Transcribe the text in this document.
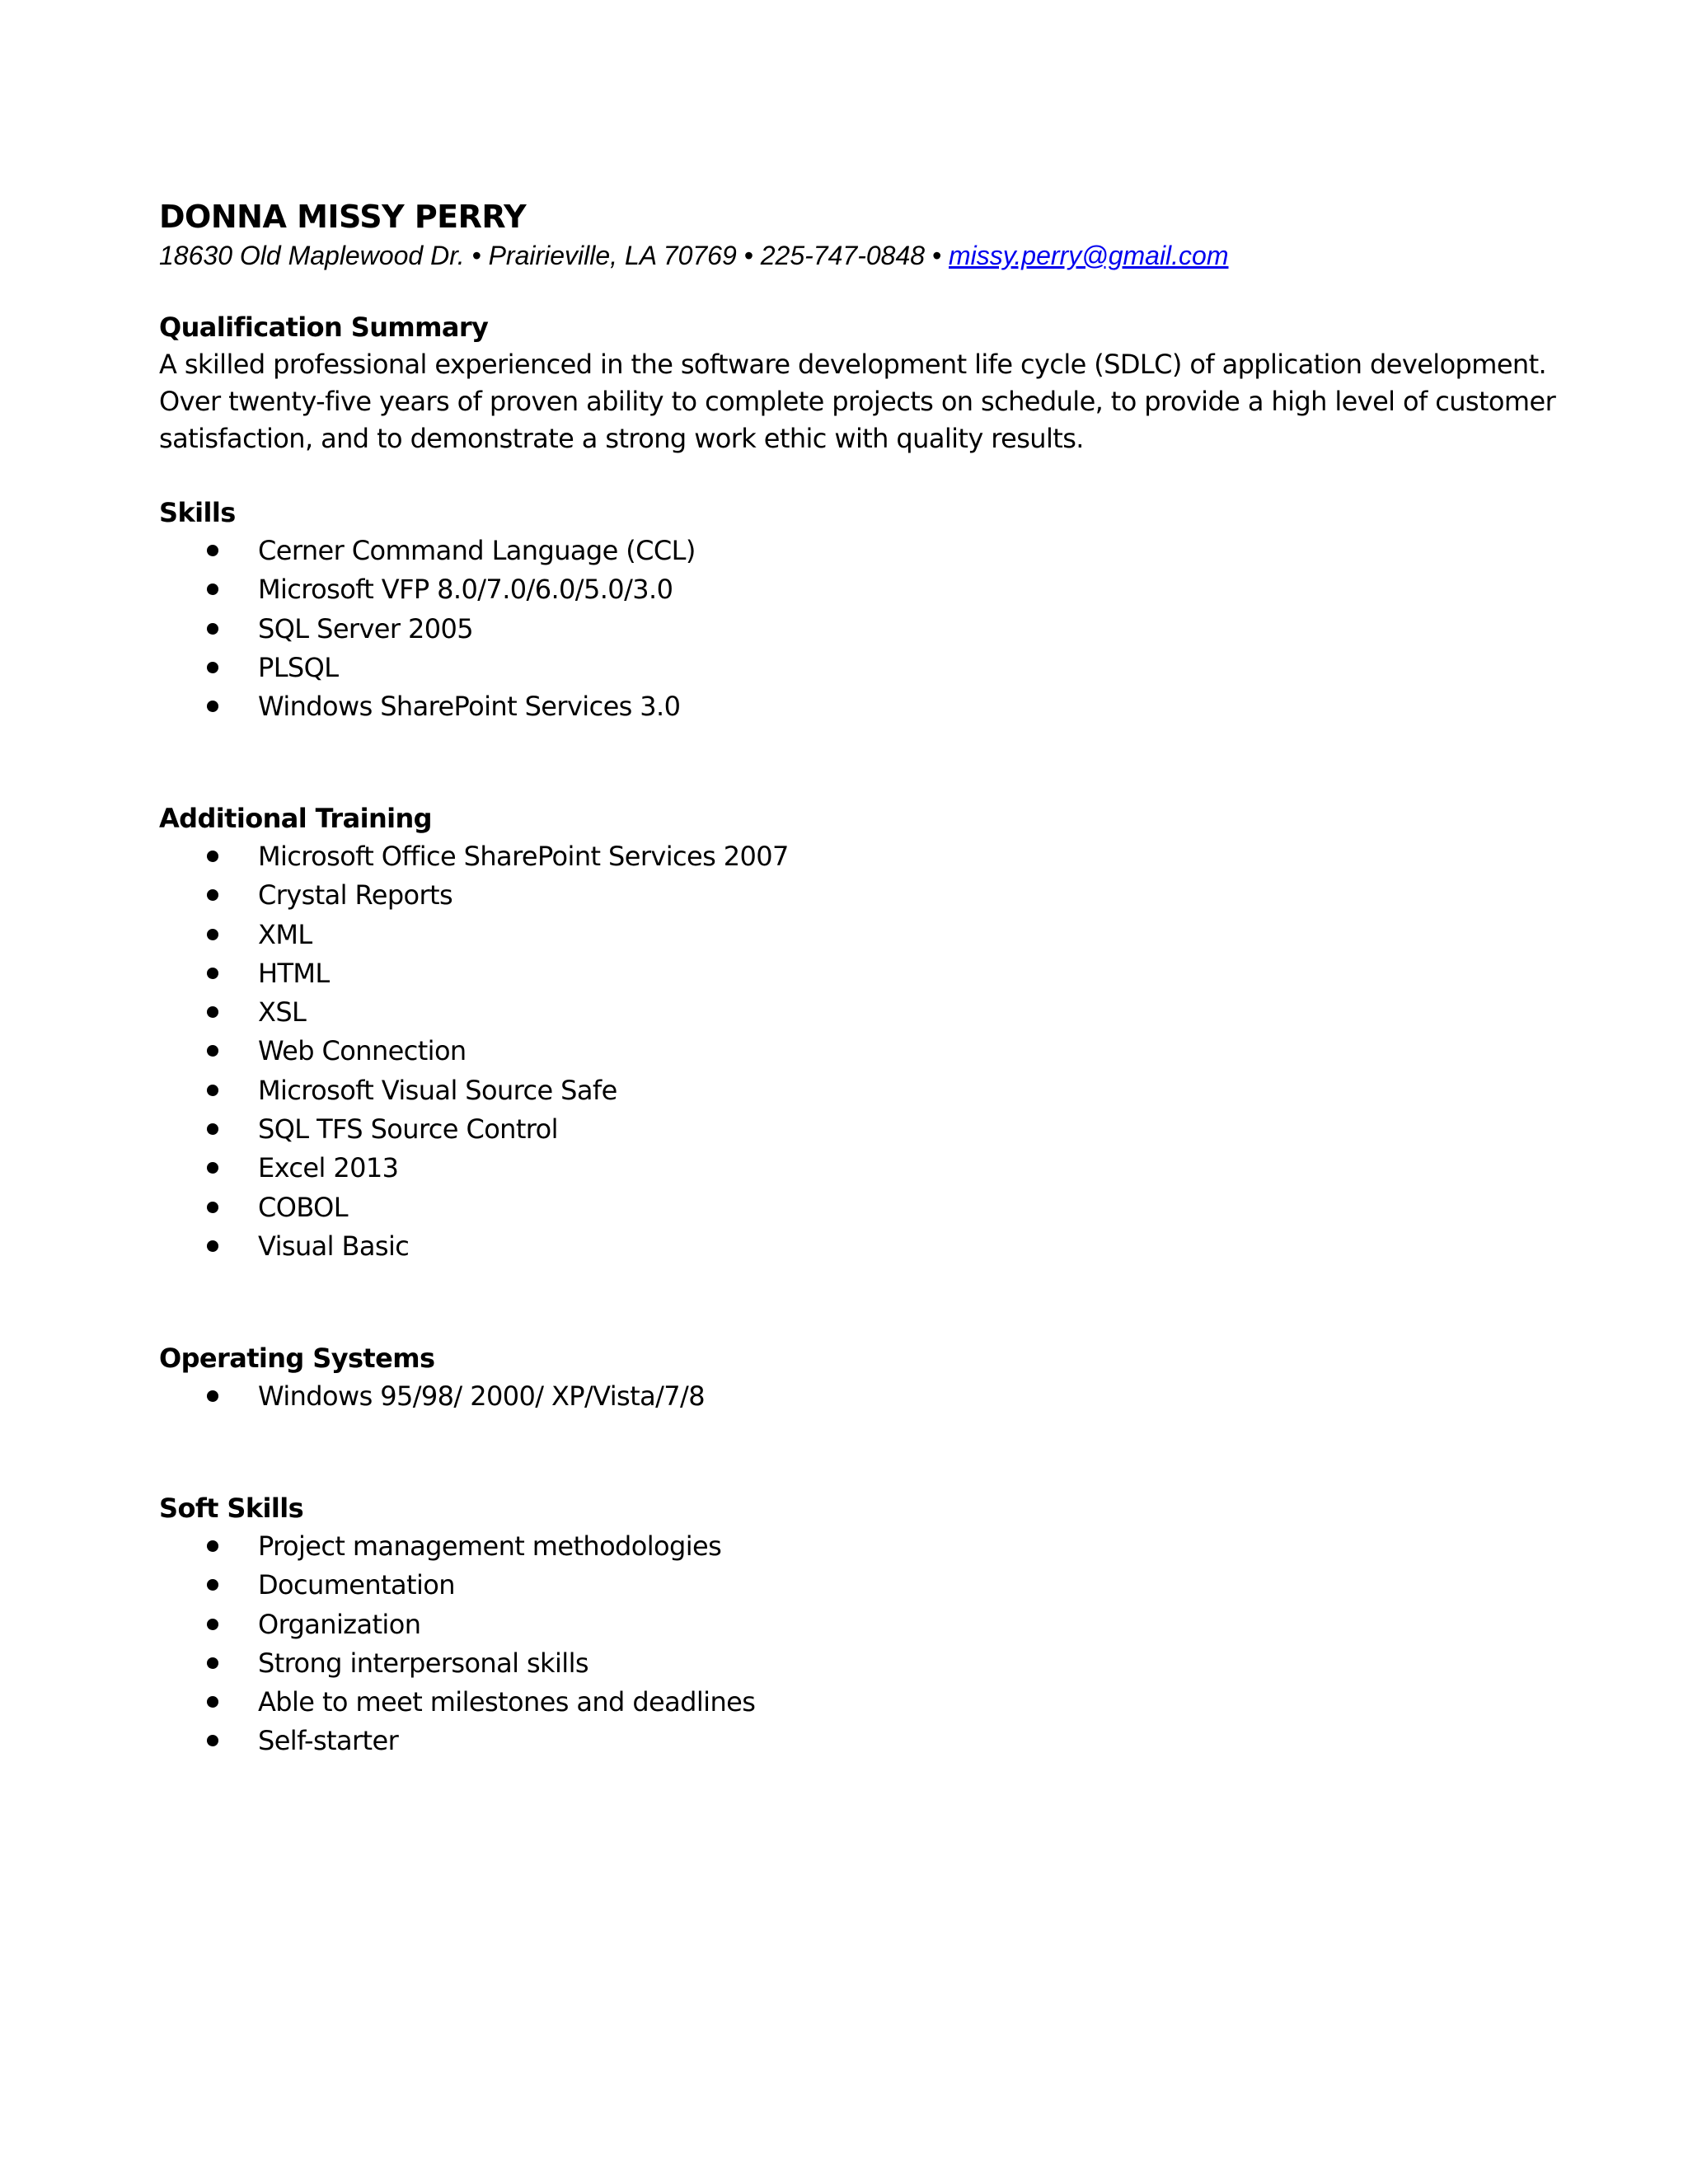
DONNA MISSY PERRY
18630 Old Maplewood Dr. • Prairieville, LA 70769 • 225-747-0848 • missy.perry@gmail.com
Qualification Summary
A skilled professional experienced in the software development life cycle (SDLC) of application development.
Over twenty-five years of proven ability to complete projects on schedule, to provide a high level of customer
satisfaction, and to demonstrate a strong work ethic with quality results.
Skills
Cerner Command Language (CCL)
Microsoft VFP 8.0/7.0/6.0/5.0/3.0
SQL Server 2005
PLSQL
Windows SharePoint Services 3.0
Additional Training
Microsoft Office SharePoint Services 2007
Crystal Reports
XML
HTML
XSL
Web Connection
Microsoft Visual Source Safe
SQL TFS Source Control
Excel 2013
COBOL
Visual Basic
Operating Systems
Windows 95/98/ 2000/ XP/Vista/7/8
Soft Skills
Project management methodologies
Documentation
Organization
Strong interpersonal skills
Able to meet milestones and deadlines
Self-starter
